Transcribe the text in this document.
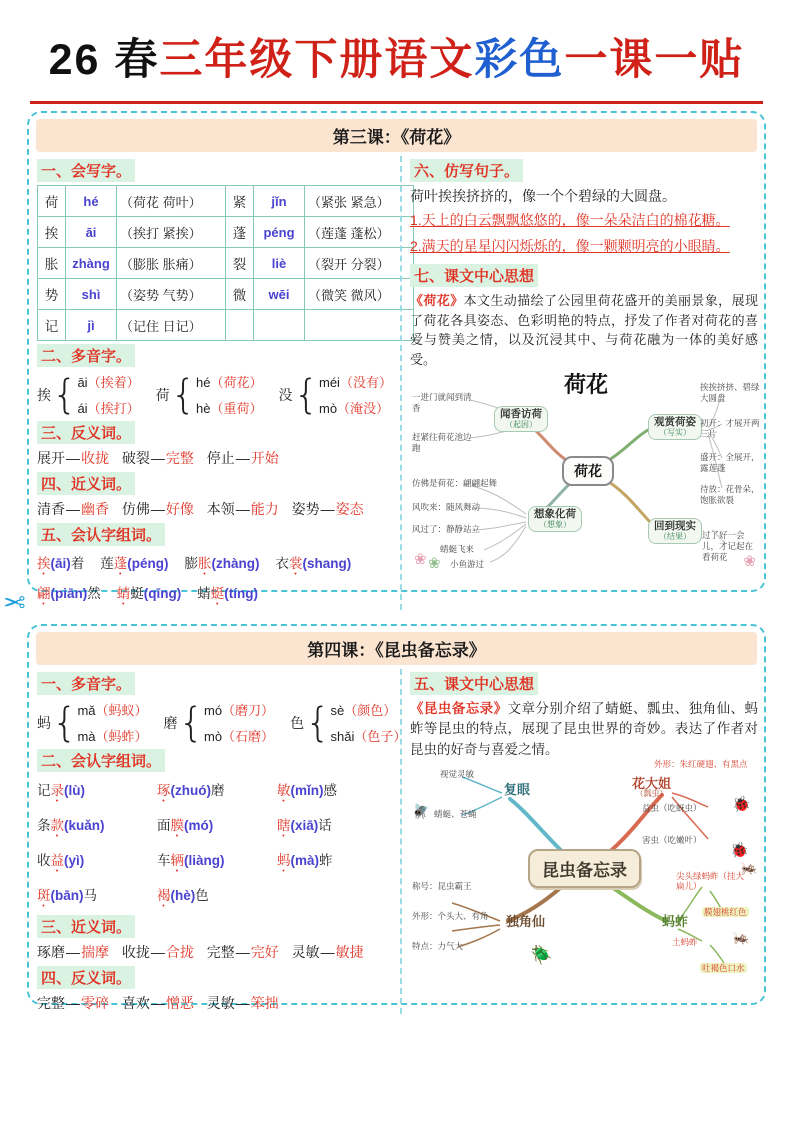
26 春三年级下册语文彩色一课一贴
第三课：《荷花》
一、会写字。
荷	hé	（荷花 荷叶）	紧	jǐn	（紧张 紧急）
挨	āi	（挨打 紧挨）	蓬	péng	（莲蓬 蓬松）
胀	zhàng	（膨胀 胀痛）	裂	liè	（裂开 分裂）
势	shì	（姿势 气势）	微	wēi	（微笑 微风）
记	jì	（记住 日记）			
二、多音字。
挨 { āi（挨着）
ái（挨打）
荷 { hé（荷花）
hè（重荷）
没 { méi（没有）
mò（淹没）
三、反义词。
展开—收拢 破裂—完整 停止—开始
四、近义词。
清香—幽香 仿佛—好像 本领—能力 姿势—姿态
五、会认字组词。
挨(āi)着 莲蓬(péng) 膨胀(zhàng) 衣裳(shang)
翩(piān)然 蜻蜓(qīng) 蜻蜓(tíng)
六、仿写句子。
荷叶挨挨挤挤的，像一个个碧绿的大圆盘。
1.天上的白云飘飘悠悠的，像一朵朵洁白的棉花糖。
2.满天的星星闪闪烁烁的，像一颗颗明亮的小眼睛。
七、课文中心思想
《荷花》本文生动描绘了公园里荷花盛开的美丽景象，展现了荷花各具姿态、色彩明艳的特点，抒发了作者对荷花的喜爱与赞美之情，以及沉浸其中、与荷花融为一体的美好感受。
荷花
荷花
闻香访荷
（起因）
一进门就闻到清香
赶紧往荷花池边跑
观赏荷姿
（写实）
挨挨挤挤、碧绿大圆盘
初开：才展开两三片
盛开：全展开，露莲蓬
待放：花骨朵，饱胀欲裂
想象化荷
（想象）
仿佛是荷花：翩翩起舞
风吹来：随风舞动
风过了：静静站立
蜻蜓飞来
小鱼游过
回到现实
（结果）	过了好一会儿，才记起在看荷花
❀ ❀	❀
✂
第四课：《昆虫备忘录》
一、多音字。
蚂 { mǎ（蚂蚁）
mà（蚂蚱）
磨 { mó（磨刀）
mò（石磨）
色 { sè（颜色）
shǎi（色子）
二、会认字组词。
记录(lù)	琢(zhuó)磨	敏(mǐn)感
条款(kuǎn)	面膜(mó)	瞎(xiā)话
收益(yì)	车辆(liàng)	蚂(mà)蚱
斑(bān)马	褐(hè)色
三、近义词。
琢磨—揣摩 收拢—合拢 完整—完好 灵敏—敏捷
四、反义词。
完整—零碎 喜欢—憎恶 灵敏—笨拙
五、课文中心思想
《昆虫备忘录》文章分别介绍了蜻蜓、瓢虫、独角仙、蚂蚱等昆虫的特点，展现了昆虫世界的奇妙。表达了作者对昆虫的好奇与喜爱之情。
昆虫备忘录
复眼
视觉灵敏
蜻蜓、苍蝇
🪰
花大姐
（瓢虫）
外形：朱红硬翅、有黑点
益虫（吃蚜虫） 🐞
害虫（吃嫩叶）
🐞
独角仙
称号：昆虫霸王
外形：个头大、有角
特点：力气大	🪲
蚂蚱
尖头绿蚂蚱（挂大扁儿）
🦗
膜翅桃红色
土蚂蚱 🦗
吐褐色口水
